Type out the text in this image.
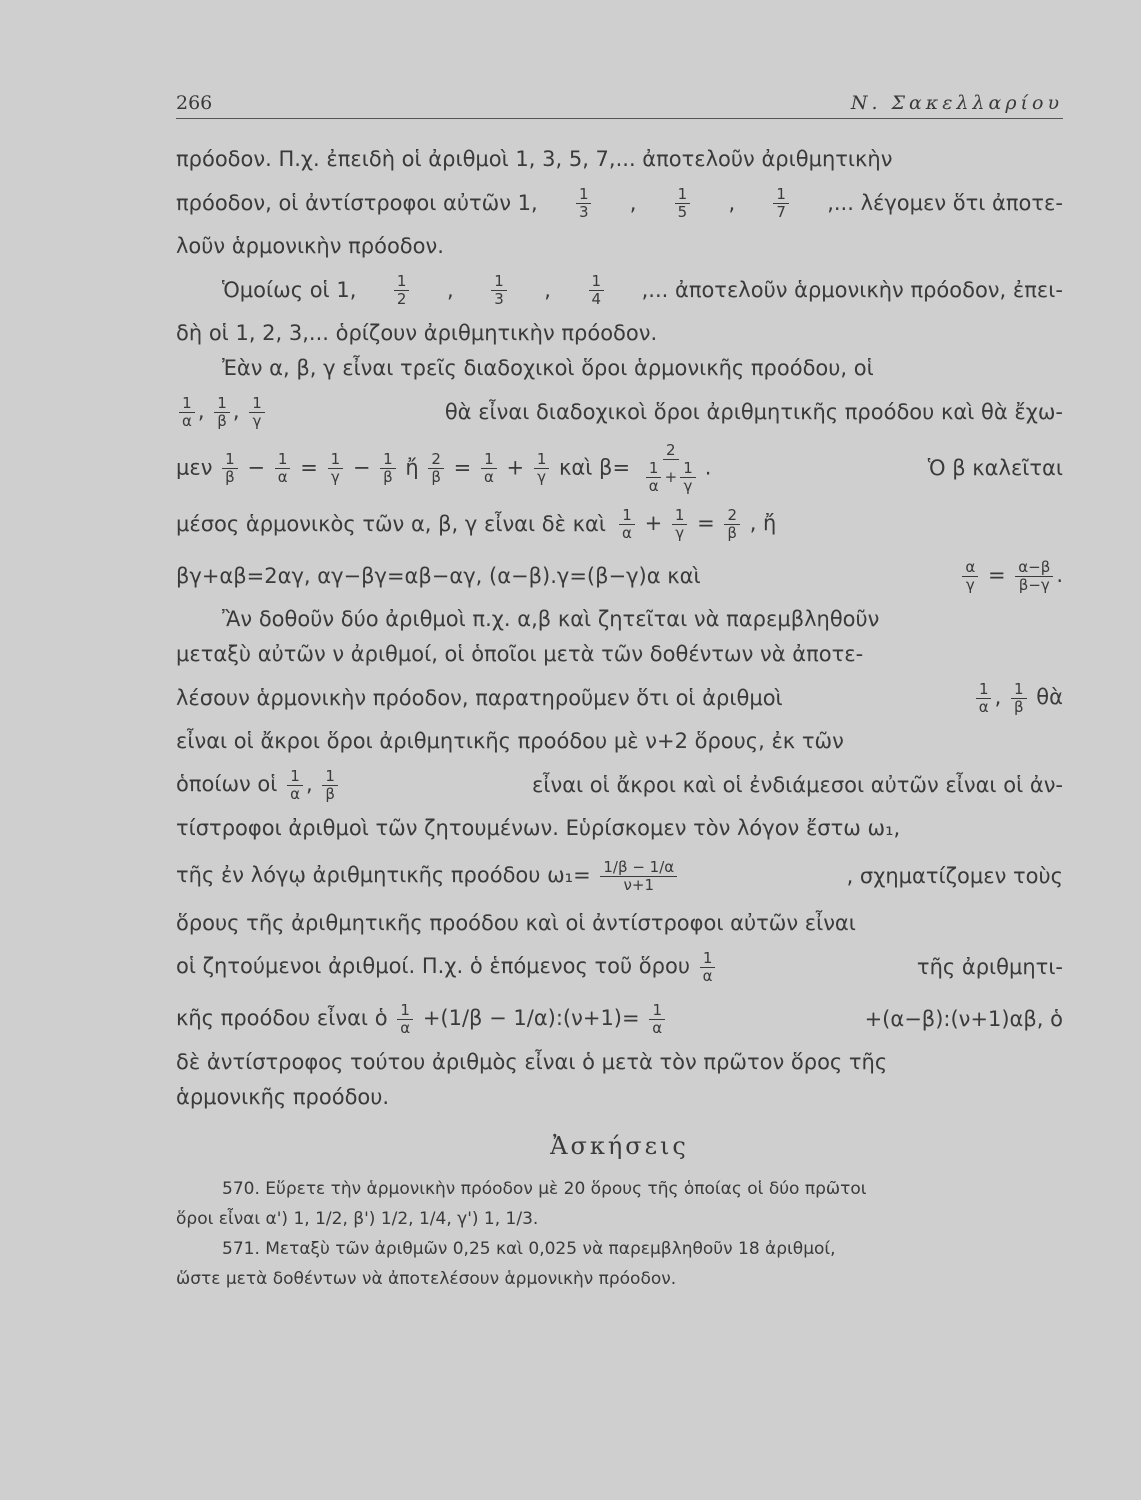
266	Ν. Σακελλαρίου
πρόοδον. Π.χ. ἐπειδὴ οἱ ἀριθμοὶ 1, 3, 5, 7,... ἀποτελοῦν ἀριθμητικὴν
πρόοδον, οἱ ἀντίστροφοι αὐτῶν 1,	$\frac{1}{3}$ ,	$\frac{1}{5}$ ,	$\frac{1}{7}$ ,... λέγομεν ὅτι ἀποτε-
λοῦν ἁρμονικὴν πρόοδον.
Ὁμοίως οἱ 1,	$\frac{1}{2}$ ,	$\frac{1}{3}$ ,	$\frac{1}{4}$ ,... ἀποτελοῦν ἁρμονικὴν πρόοδον, ἐπει-
δὴ οἱ 1, 2, 3,... ὁρίζουν ἀριθμητικὴν πρόοδον.
Ἐὰν α, β, γ εἶναι τρεῖς διαδοχικοὶ ὅροι ἁρμονικῆς προόδου, οἱ
$\frac{1}{\alpha}$ , $\frac{1}{\beta}$ , $\frac{1}{\gamma}$	θὰ εἶναι διαδοχικοὶ ὅροι ἀριθμητικῆς προόδου καὶ θὰ ἔχω-
μεν $\frac{1}{\beta} - \frac{1}{\alpha} = \frac{1}{\gamma} - \frac{1}{\beta}$ ἤ $\frac{2}{\beta} = \frac{1}{\alpha} + \frac{1}{\gamma}$ καὶ $\beta= \frac{2}{\frac{1}{\alpha} + \frac{1}{\gamma}}$ .	Ὁ β καλεῖται
μέσος ἁρμονικὸς τῶν α, β, γ εἶναι δὲ καὶ $\frac{1}{\alpha} + \frac{1}{\gamma} = \frac{2}{\beta}$ , ἤ
βγ+αβ=2αγ, αγ−βγ=αβ−αγ, (α−β).γ=(β−γ)α καὶ	$\frac{\alpha}{\gamma} = \frac{\alpha-\beta}{\beta-\gamma}$ .
Ἂν δοθοῦν δύο ἀριθμοὶ π.χ. α,β καὶ ζητεῖται νὰ παρεμβληθοῦν
μεταξὺ αὐτῶν ν ἀριθμοί, οἱ ὁποῖοι μετὰ τῶν δοθέντων νὰ ἀποτε-
λέσουν ἁρμονικὴν πρόοδον, παρατηροῦμεν ὅτι οἱ ἀριθμοὶ	$\frac{1}{\alpha}$ , $\frac{1}{\beta}$ θὰ
εἶναι οἱ ἄκροι ὅροι ἀριθμητικῆς προόδου μὲ ν+2 ὅρους, ἐκ τῶν
ὁποίων οἱ $\frac{1}{\alpha}$ , $\frac{1}{\beta}$	εἶναι οἱ ἄκροι καὶ οἱ ἐνδιάμεσοι αὐτῶν εἶναι οἱ ἀν-
τίστροφοι ἀριθμοὶ τῶν ζητουμένων. Εὑρίσκομεν τὸν λόγον ἔστω ω₁,
τῆς ἐν λόγῳ ἀριθμητικῆς προόδου $\omega_1= \frac{1/\beta - 1/\alpha}{\nu+1}$	, σχηματίζομεν τοὺς
ὅρους τῆς ἀριθμητικῆς προόδου καὶ οἱ ἀντίστροφοι αὐτῶν εἶναι
οἱ ζητούμενοι ἀριθμοί. Π.χ. ὁ ἑπόμενος τοῦ ὅρου $\frac{1}{\alpha}$	τῆς ἀριθμητι-
κῆς προόδου εἶναι ὁ $\frac{1}{\alpha} +(1/\beta$ − 1/α):(ν+1)= $\frac{1}{\alpha}$	+(α−β):(ν+1)αβ, ὁ
δὲ ἀντίστροφος τούτου ἀριθμὸς εἶναι ὁ μετὰ τὸν πρῶτον ὅρος τῆς
ἁρμονικῆς προόδου.
Ἀσκήσεις
570. Εὕρετε τὴν ἁρμονικὴν πρόοδον μὲ 20 ὅρους τῆς ὁποίας οἱ δύο πρῶτοι
ὅροι εἶναι α') 1, 1/2, β') 1/2, 1/4, γ') 1, 1/3.
571. Μεταξὺ τῶν ἀριθμῶν 0,25 καὶ 0,025 νὰ παρεμβληθοῦν 18 ἀριθμοί,
ὥστε μετὰ δοθέντων νὰ ἀποτελέσουν ἁρμονικὴν πρόοδον.
